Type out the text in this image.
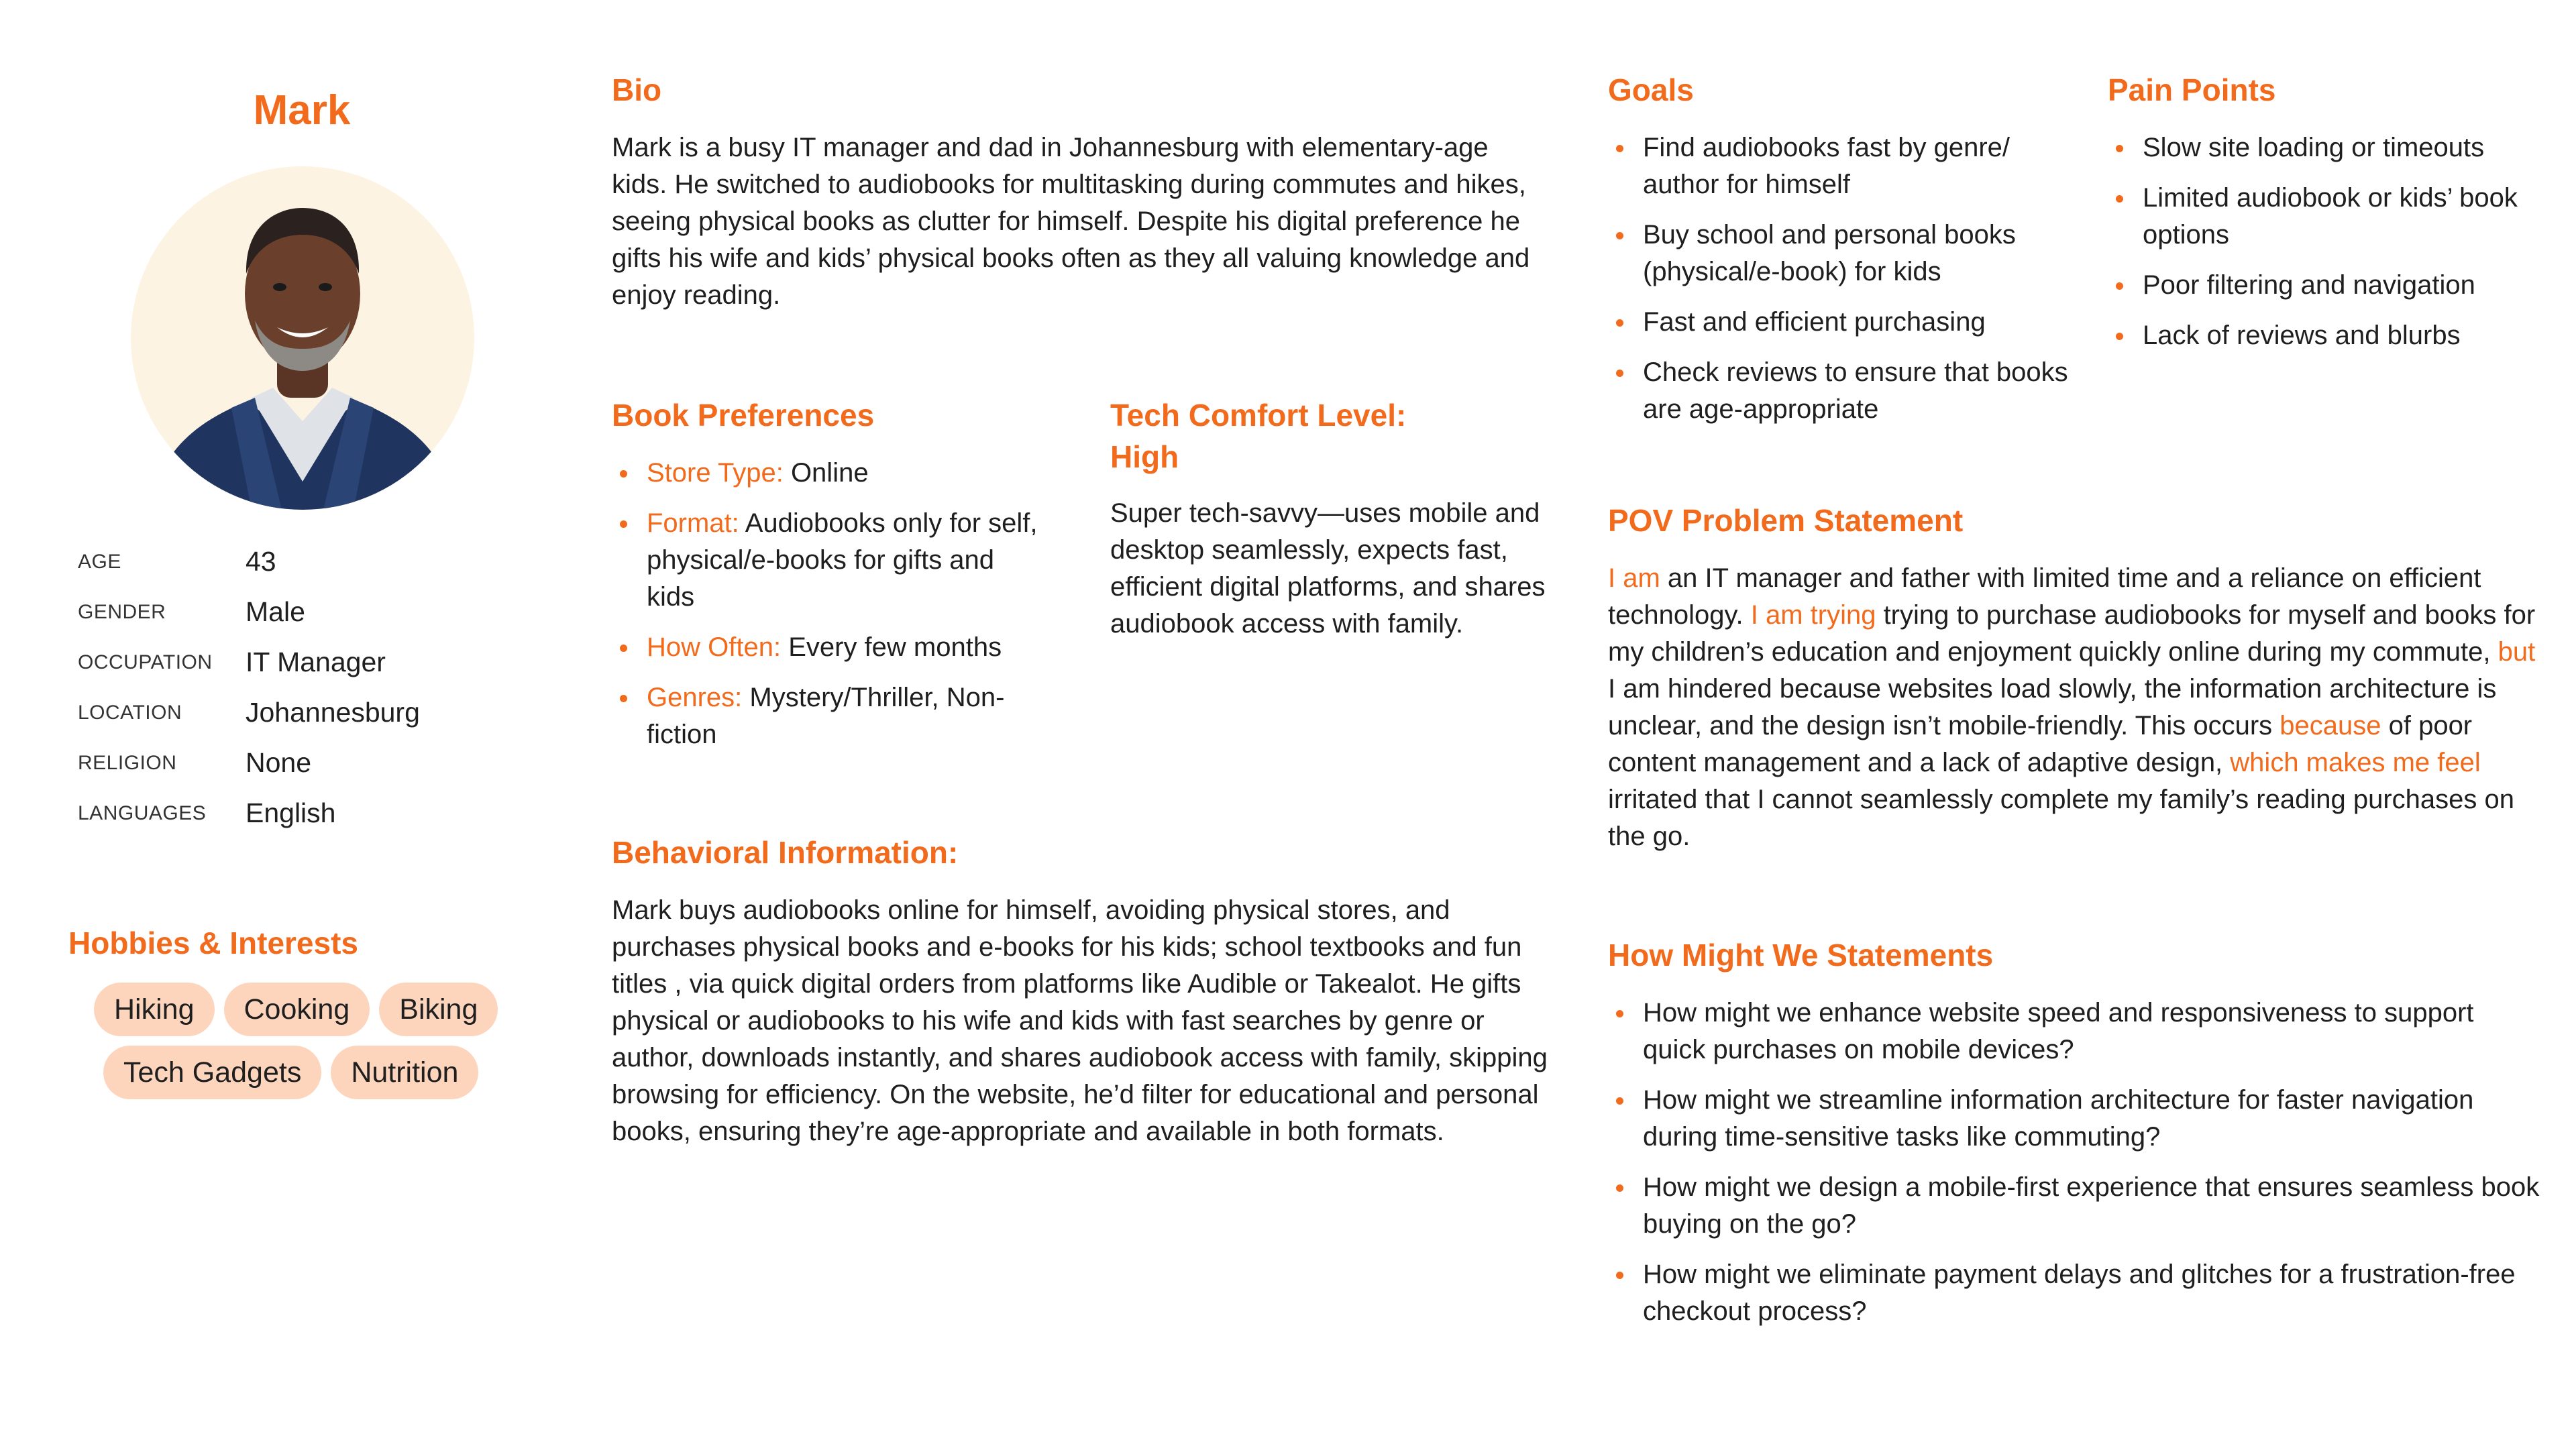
Mark
AGE	43
GENDER	Male
OCCUPATION	IT Manager
LOCATION	Johannesburg
RELIGION	None
LANGUAGES	English
Hobbies & Interests
Hiking	Cooking	Biking
Tech Gadgets	Nutrition
Bio

Mark is a busy IT manager and dad in Johannesburg with elementary-age kids. He switched to audiobooks for multitasking during commutes and hikes, seeing physical books as clutter for himself. Despite his digital preference he gifts his wife and kids’ physical books often as they all valuing knowledge and enjoy reading.

Book Preferences
Store Type: Online
Format: Audiobooks only for self, physical/e-books for gifts and kids
How Often: Every few months
Genres: Mystery/Thriller, Non-fiction
Tech Comfort Level: High

Super tech-savvy—uses mobile and desktop seamlessly, expects fast, efficient digital platforms, and shares audiobook access with family.

Behavioral Information:

Mark buys audiobooks online for himself, avoiding physical stores, and purchases physical books and e-books for his kids; school textbooks and fun titles , via quick digital orders from platforms like Audible or Takealot. He gifts physical or audiobooks to his wife and kids with fast searches by genre or author, downloads instantly, and shares audiobook access with family, skipping browsing for efficiency. On the website, he’d filter for educational and personal books, ensuring they’re age-appropriate and available in both formats.

Goals
Find audiobooks fast by genre/ author for himself
Buy school and personal books (physical/e-book) for kids
Fast and efficient purchasing
Check reviews to ensure that books are age-appropriate
Pain Points
Slow site loading or timeouts
Limited audiobook or kids’ book options
Poor filtering and navigation
Lack of reviews and blurbs
POV Problem Statement

I am an IT manager and father with limited time and a reliance on efficient technology. I am trying trying to purchase audiobooks for myself and books for my children’s education and enjoyment quickly online during my commute, but I am hindered because websites load slowly, the information architecture is unclear, and the design isn’t mobile-friendly. This occurs because of poor content management and a lack of adaptive design, which makes me feel irritated that I cannot seamlessly complete my family’s reading purchases on the go.

How Might We Statements
How might we enhance website speed and responsiveness to support quick purchases on mobile devices?
How might we streamline information architecture for faster navigation during time-sensitive tasks like commuting?
How might we design a mobile-first experience that ensures seamless book buying on the go?
How might we eliminate payment delays and glitches for a frustration-free checkout process?
